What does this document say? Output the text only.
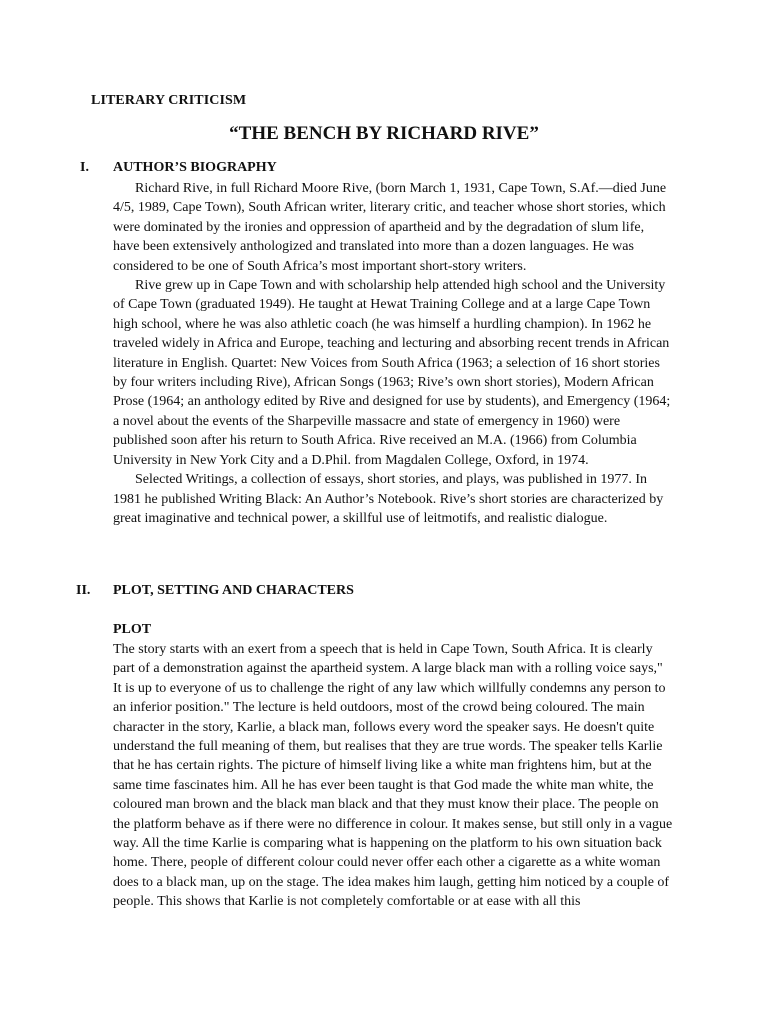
LITERARY CRITICISM
“THE BENCH BY RICHARD RIVE”
I. AUTHOR’S BIOGRAPHY

Richard Rive, in full Richard Moore Rive, (born March 1, 1931, Cape Town, S.Af.—died June 4/5, 1989, Cape Town), South African writer, literary critic, and teacher whose short stories, which were dominated by the ironies and oppression of apartheid and by the degradation of slum life, have been extensively anthologized and translated into more than a dozen languages. He was considered to be one of South Africa’s most important short-story writers.

Rive grew up in Cape Town and with scholarship help attended high school and the University of Cape Town (graduated 1949). He taught at Hewat Training College and at a large Cape Town high school, where he was also athletic coach (he was himself a hurdling champion). In 1962 he traveled widely in Africa and Europe, teaching and lecturing and absorbing recent trends in African literature in English. Quartet: New Voices from South Africa (1963; a selection of 16 short stories by four writers including Rive), African Songs (1963; Rive’s own short stories), Modern African Prose (1964; an anthology edited by Rive and designed for use by students), and Emergency (1964; a novel about the events of the Sharpeville massacre and state of emergency in 1960) were published soon after his return to South Africa. Rive received an M.A. (1966) from Columbia University in New York City and a D.Phil. from Magdalen College, Oxford, in 1974.

Selected Writings, a collection of essays, short stories, and plays, was published in 1977. In 1981 he published Writing Black: An Author’s Notebook. Rive’s short stories are characterized by great imaginative and technical power, a skillful use of leitmotifs, and realistic dialogue.

II. PLOT, SETTING AND CHARACTERS
PLOT

The story starts with an exert from a speech that is held in Cape Town, South Africa. It is clearly part of a demonstration against the apartheid system. A large black man with a rolling voice says," It is up to everyone of us to challenge the right of any law which willfully condemns any person to an inferior position." The lecture is held outdoors, most of the crowd being coloured. The main character in the story, Karlie, a black man, follows every word the speaker says. He doesn't quite understand the full meaning of them, but realises that they are true words. The speaker tells Karlie that he has certain rights. The picture of himself living like a white man frightens him, but at the same time fascinates him. All he has ever been taught is that God made the white man white, the coloured man brown and the black man black and that they must know their place. The people on the platform behave as if there were no difference in colour. It makes sense, but still only in a vague way. All the time Karlie is comparing what is happening on the platform to his own situation back home. There, people of different colour could never offer each other a cigarette as a white woman does to a black man, up on the stage. The idea makes him laugh, getting him noticed by a couple of people. This shows that Karlie is not completely comfortable or at ease with all this
